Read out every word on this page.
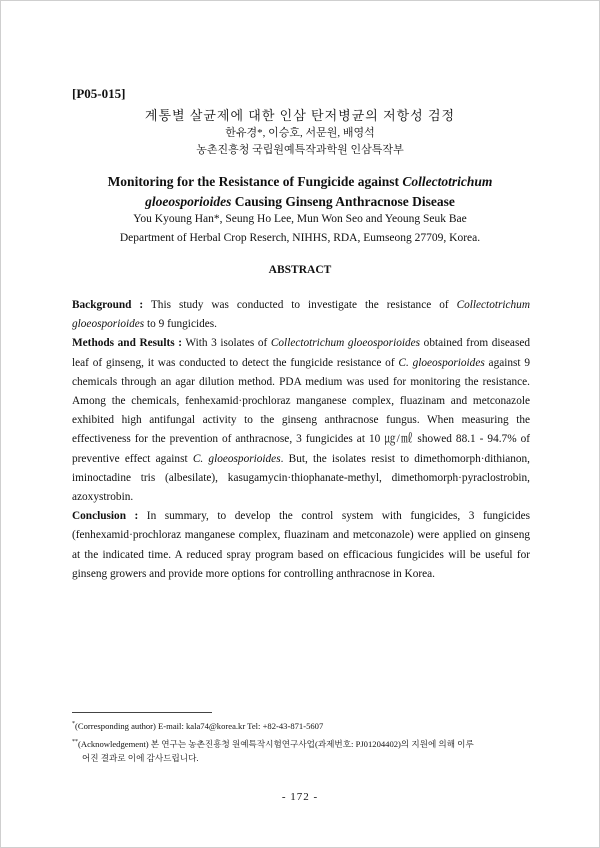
[P05-015]
계통별 살균제에 대한 인삼 탄저병균의 저항성 검정
한유경*, 이승호, 서문원, 배영석
농촌진흥청 국립원예특작과학원 인삼특작부
Monitoring for the Resistance of Fungicide against Collectotrichum
gloeosporioides Causing Ginseng Anthracnose Disease
You Kyoung Han*, Seung Ho Lee, Mun Won Seo and Yeoung Seuk Bae
Department of Herbal Crop Reserch, NIHHS, RDA, Eumseong 27709, Korea.
ABSTRACT

Background : This study was conducted to investigate the resistance of Collectotrichum gloeosporioides to 9 fungicides.

Methods and Results : With 3 isolates of Collectotrichum gloeosporioides obtained from diseased leaf of ginseng, it was conducted to detect the fungicide resistance of C. gloeosporioides against 9 chemicals through an agar dilution method. PDA medium was used for monitoring the resistance. Among the chemicals, fenhexamid·prochloraz manganese complex, fluazinam and metconazole exhibited high antifungal activity to the ginseng anthracnose fungus. When measuring the effectiveness for the prevention of anthracnose, 3 fungicides at 10 ㎍/㎖ showed 88.1 - 94.7% of preventive effect against C. gloeosporioides. But, the isolates resist to dimethomorph·dithianon, iminoctadine tris (albesilate), kasugamycin·thiophanate-methyl, dimethomorph·pyraclostrobin, azoxystrobin.

Conclusion : In summary, to develop the control system with fungicides, 3 fungicides (fenhexamid·prochloraz manganese complex, fluazinam and metconazole) were applied on ginseng at the indicated time. A reduced spray program based on efficacious fungicides will be useful for ginseng growers and provide more options for controlling anthracnose in Korea.

*(Corresponding author) E-mail: kala74@korea.kr Tel: +82-43-871-5607
**(Acknowledgement) 본 연구는 농촌진흥청 원예특작시험연구사업(과제번호: PJ01204402)의 지원에 의해 이루
어진 결과로 이에 감사드립니다.
- 172 -
